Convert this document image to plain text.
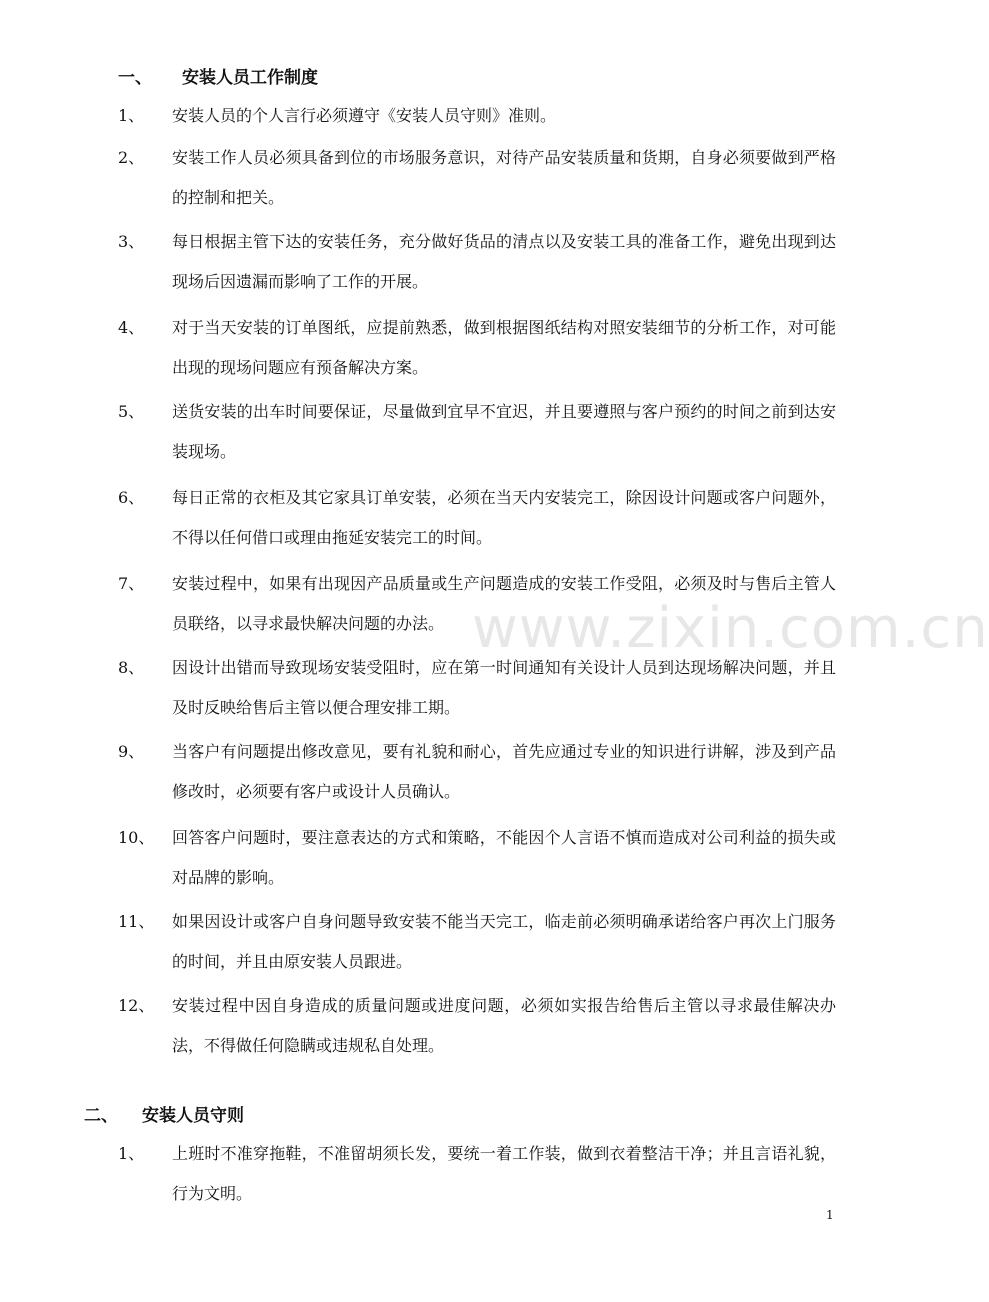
一、 安装人员工作制度
1、 安装人员的个人言行必须遵守《安装人员守则》准则。
2、 安装工作人员必须具备到位的市场服务意识，对待产品安装质量和货期，自身必须要做到严格的控制和把关。
3、 每日根据主管下达的安装任务，充分做好货品的清点以及安装工具的准备工作，避免出现到达现场后因遗漏而影响了工作的开展。
4、 对于当天安装的订单图纸，应提前熟悉，做到根据图纸结构对照安装细节的分析工作，对可能出现的现场问题应有预备解决方案。
5、 送货安装的出车时间要保证，尽量做到宜早不宜迟，并且要遵照与客户预约的时间之前到达安装现场。
6、 每日正常的衣柜及其它家具订单安装，必须在当天内安装完工，除因设计问题或客户问题外，不得以任何借口或理由拖延安装完工的时间。
7、 安装过程中，如果有出现因产品质量或生产问题造成的安装工作受阻，必须及时与售后主管人员联络，以寻求最快解决问题的办法。
8、 因设计出错而导致现场安装受阻时，应在第一时间通知有关设计人员到达现场解决问题，并且及时反映给售后主管以便合理安排工期。
9、 当客户有问题提出修改意见，要有礼貌和耐心，首先应通过专业的知识进行讲解，涉及到产品修改时，必须要有客户或设计人员确认。
10、 回答客户问题时，要注意表达的方式和策略，不能因个人言语不慎而造成对公司利益的损失或对品牌的影响。
11、 如果因设计或客户自身问题导致安装不能当天完工，临走前必须明确承诺给客户再次上门服务的时间，并且由原安装人员跟进。
12、 安装过程中因自身造成的质量问题或进度问题，必须如实报告给售后主管以寻求最佳解决办法，不得做任何隐瞒或违规私自处理。
二、 安装人员守则
1、 上班时不准穿拖鞋，不准留胡须长发，要统一着工作装，做到衣着整洁干净；并且言语礼貌，行为文明。
www.zixin.com.cn
1
